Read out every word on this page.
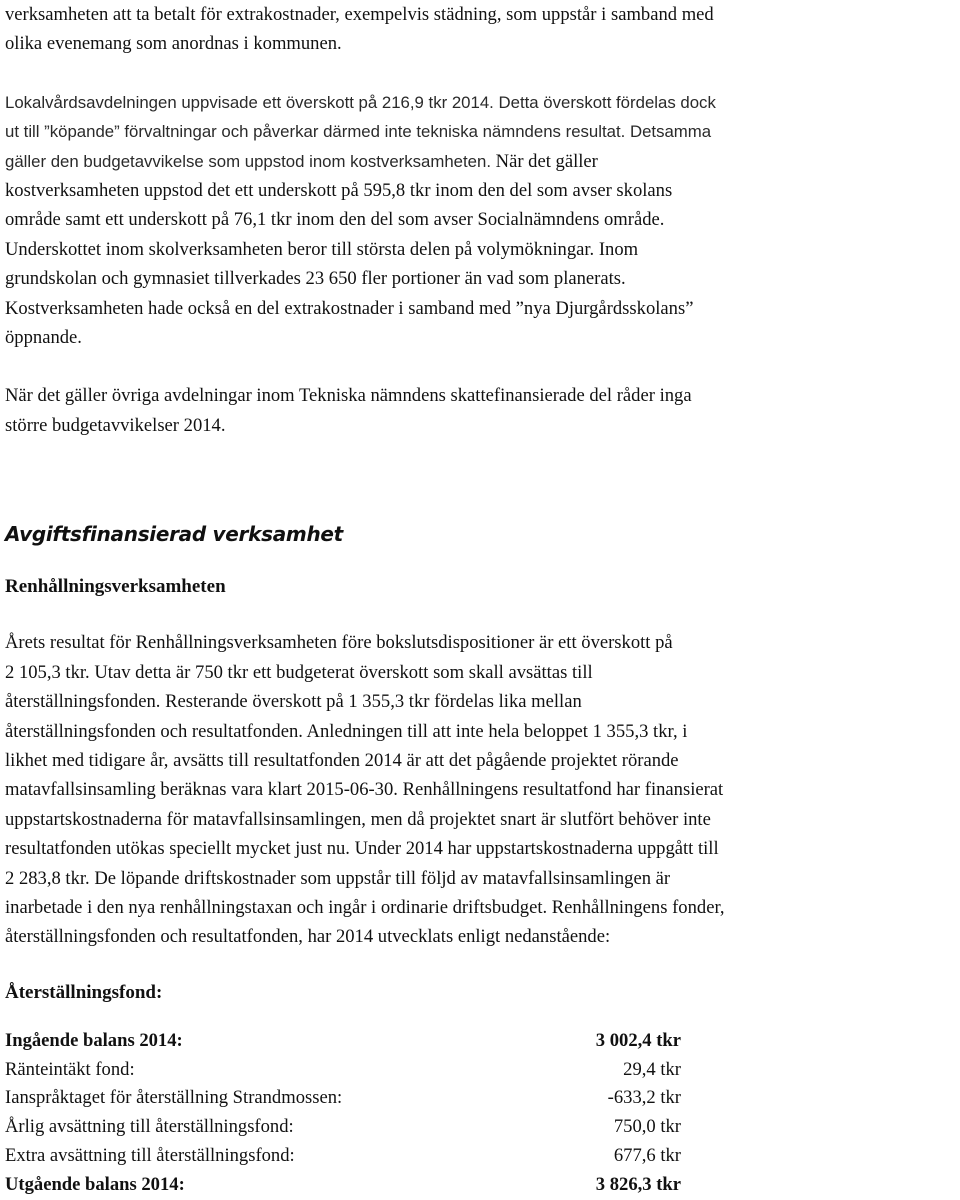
verksamheten att ta betalt för extrakostnader, exempelvis städning, som uppstår i samband med
olika evenemang som anordnas i kommunen.

Lokalvårdsavdelningen uppvisade ett överskott på 216,9 tkr 2014. Detta överskott fördelas dock
ut till ”köpande” förvaltningar och påverkar därmed inte tekniska nämndens resultat. Detsamma
gäller den budgetavvikelse som uppstod inom kostverksamheten. När det gäller
kostverksamheten uppstod det ett underskott på 595,8 tkr inom den del som avser skolans
område samt ett underskott på 76,1 tkr inom den del som avser Socialnämndens område.
Underskottet inom skolverksamheten beror till största delen på volymökningar. Inom
grundskolan och gymnasiet tillverkades 23 650 fler portioner än vad som planerats.
Kostverksamheten hade också en del extrakostnader i samband med ”nya Djurgårdsskolans”
öppnande.

När det gäller övriga avdelningar inom Tekniska nämndens skattefinansierade del råder inga
större budgetavvikelser 2014.

Avgiftsfinansierad verksamhet
Renhållningsverksamheten

Årets resultat för Renhållningsverksamheten före bokslutsdispositioner är ett överskott på
2 105,3 tkr. Utav detta är 750 tkr ett budgeterat överskott som skall avsättas till
återställningsfonden. Resterande överskott på 1 355,3 tkr fördelas lika mellan
återställningsfonden och resultatfonden. Anledningen till att inte hela beloppet 1 355,3 tkr, i
likhet med tidigare år, avsätts till resultatfonden 2014 är att det pågående projektet rörande
matavfallsinsamling beräknas vara klart 2015-06-30. Renhållningens resultatfond har finansierat
uppstartskostnaderna för matavfallsinsamlingen, men då projektet snart är slutfört behöver inte
resultatfonden utökas speciellt mycket just nu. Under 2014 har uppstartskostnaderna uppgått till
2 283,8 tkr. De löpande driftskostnader som uppstår till följd av matavfallsinsamlingen är
inarbetade i den nya renhållningstaxan och ingår i ordinarie driftsbudget. Renhållningens fonder,
återställningsfonden och resultatfonden, har 2014 utvecklats enligt nedanstående:

Återställningsfond:
Ingående balans 2014:	3 002,4 tkr
Ränteintäkt fond:	29,4 tkr
Ianspråktaget för återställning Strandmossen:	-633,2 tkr
Årlig avsättning till återställningsfond:	750,0 tkr
Extra avsättning till återställningsfond:	677,6 tkr
Utgående balans 2014:	3 826,3 tkr
